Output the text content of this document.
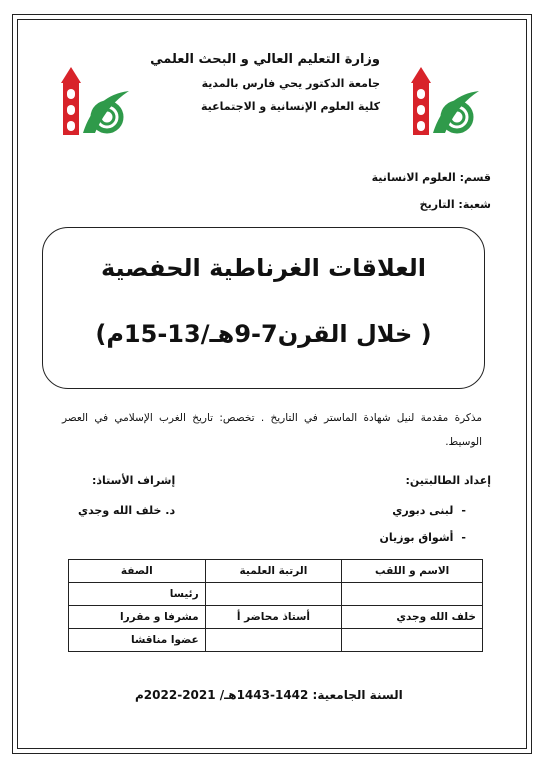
وزارة التعليم العالي و البحث العلمي
جامعة الدكتور يحي فارس بالمدية
كلية العلوم الإنسانية و الاجتماعية
قسم: العلوم الانسانية
شعبة: التاريخ
العلاقات الغرناطية الحفصية
( خلال القرن7-9هـ/13-15م)
مذكرة مقدمة لنيل شهادة الماستر في التاريخ . تخصص: تاريخ الغرب الإسلامي في العصر الوسيط.
إعداد الطالبتين:
إشراف الأستاذ:
-لبنى دبوري
-أشواق بوزيان
د. خلف الله وجدي
الاسم و اللقب	الرتبة العلمية	الصفة
		رئيسا
خلف الله وجدي	أستاذ محاضر أ	مشرفا و مقررا
		عضوا مناقشا
السنة الجامعية: 1442-1443هـ/ 2021-2022م
